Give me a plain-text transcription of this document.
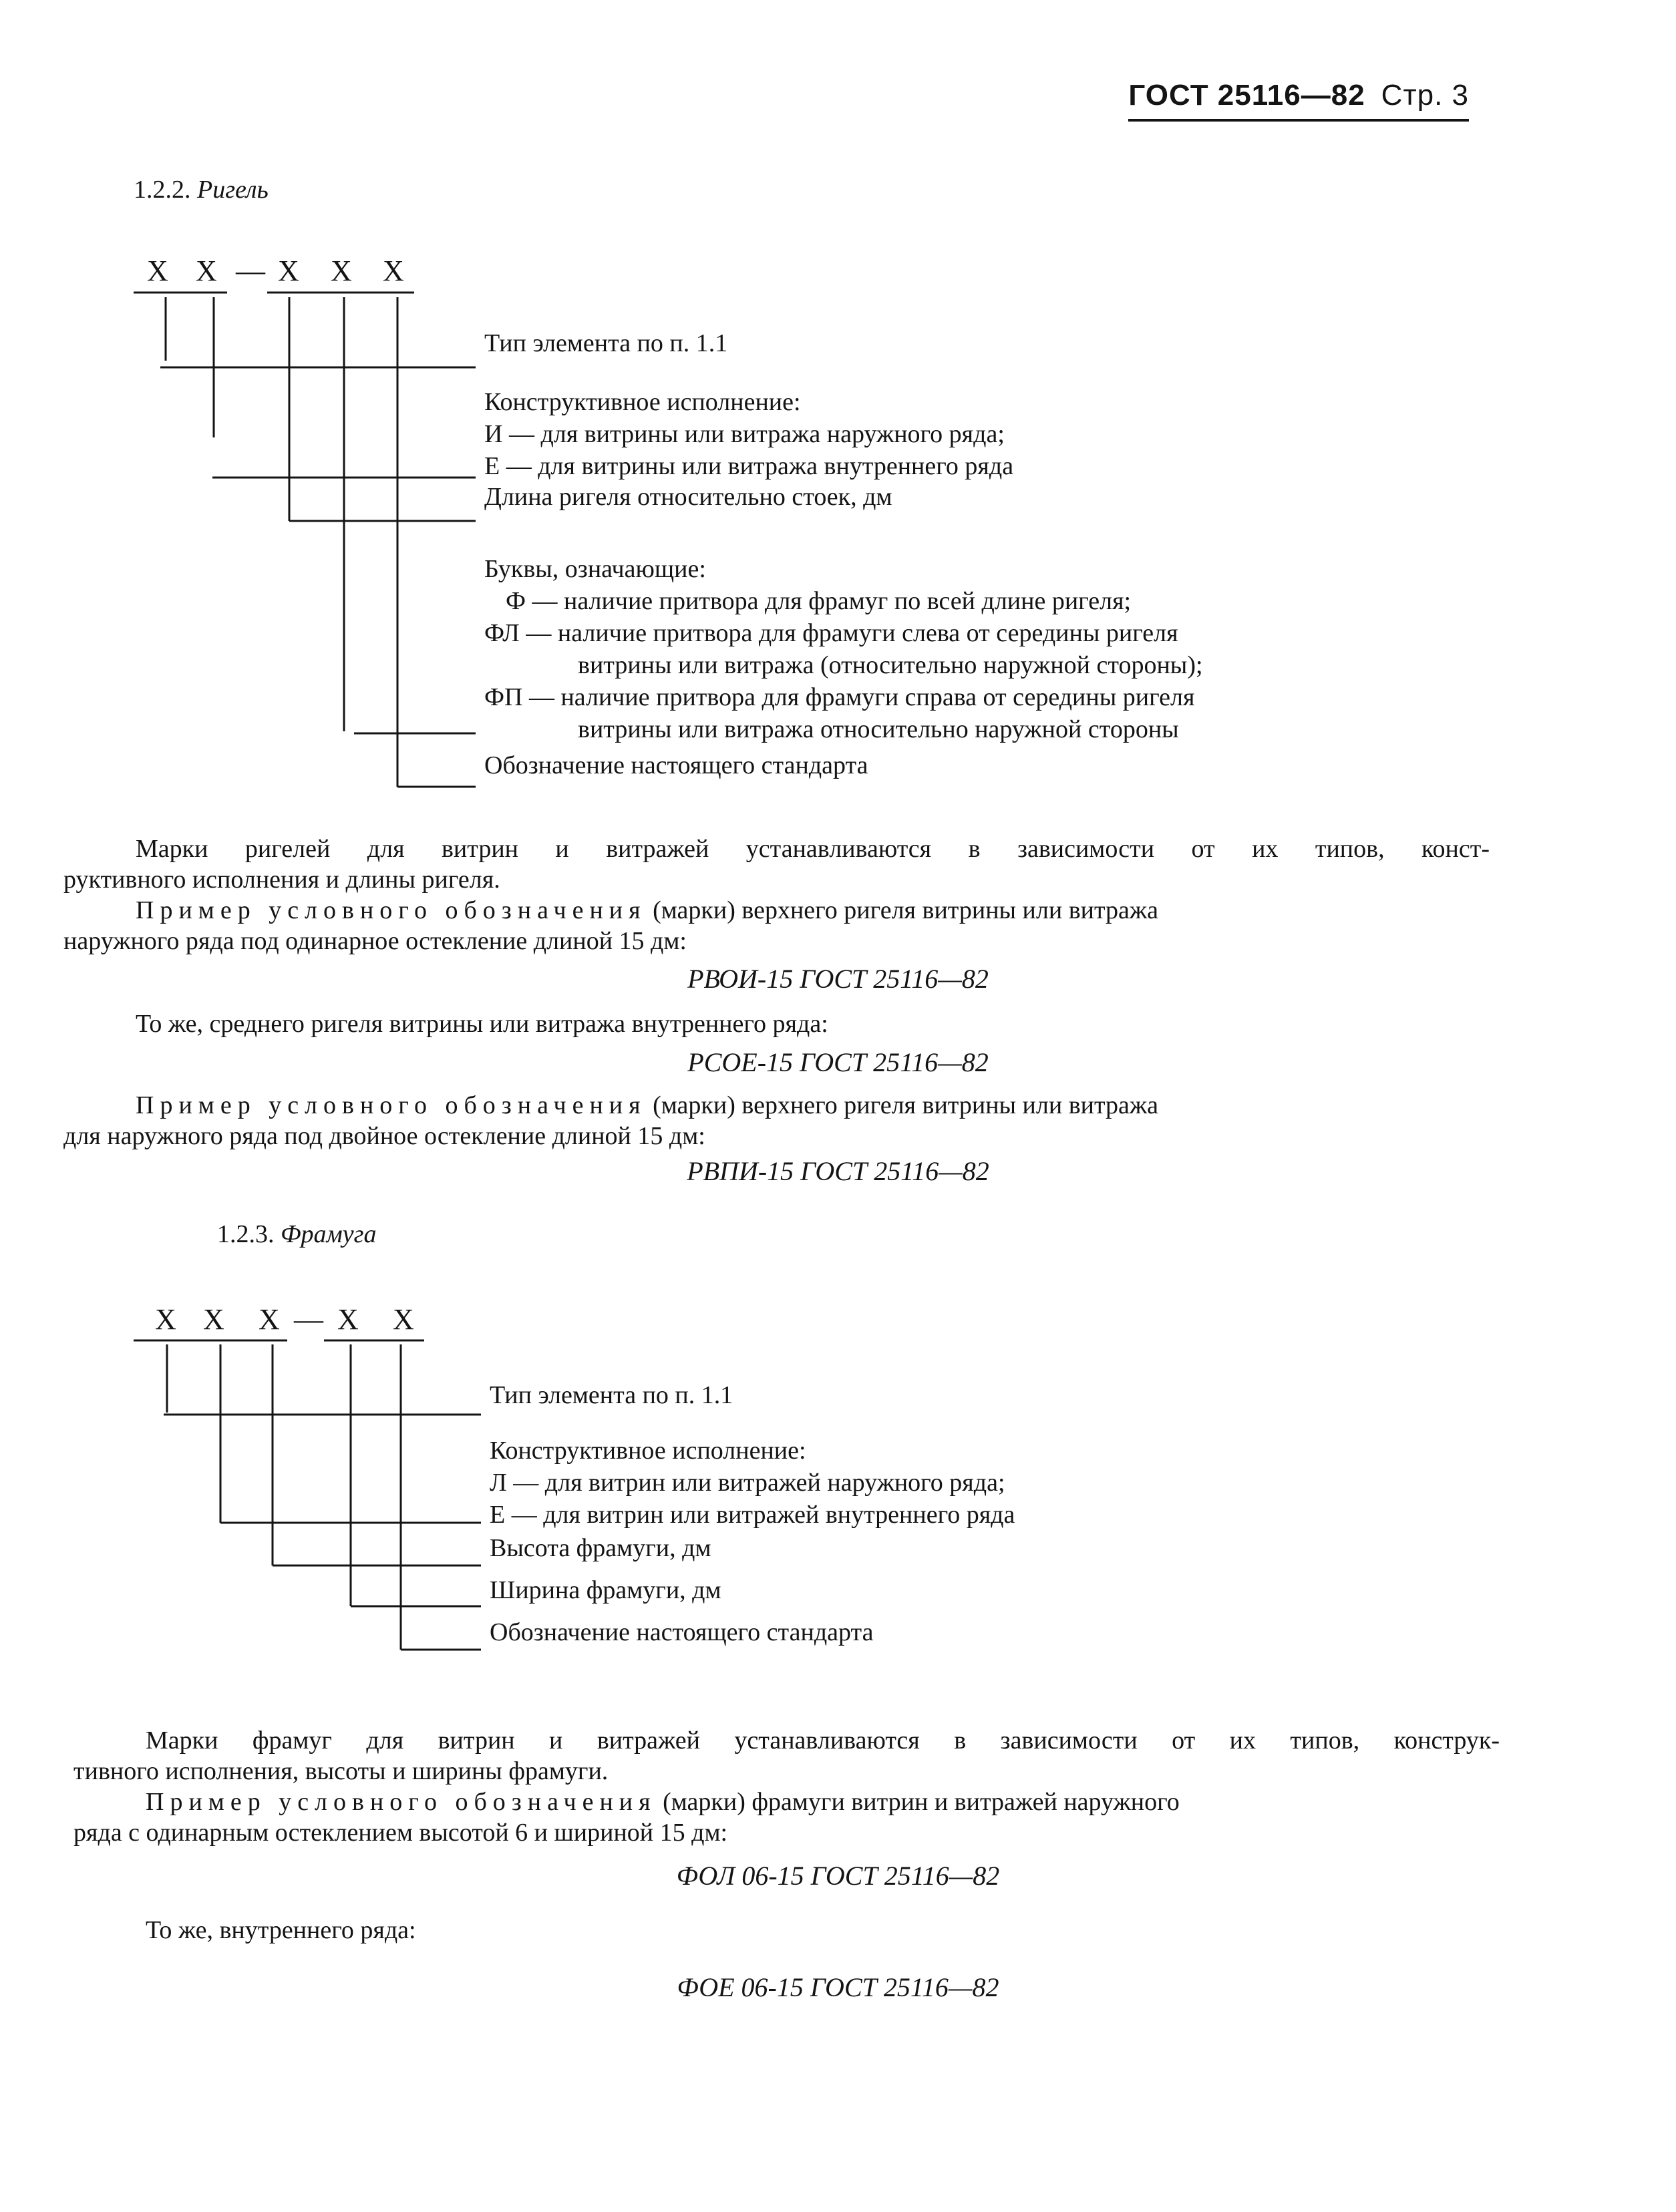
ГОСТ 25116—82 Стр. 3
1.2.2. Ригель
Х Х — Х Х Х
Тип элемента по п. 1.1
Конструктивное исполнение:
И — для витрины или витража наружного ряда;
Е — для витрины или витража внутреннего ряда
Длина ригеля относительно стоек, дм
Буквы, означающие:
Ф — наличие притвора для фрамуг по всей длине ригеля;
ФЛ — наличие притвора для фрамуги слева от середины ригеля
витрины или витража (относительно наружной стороны);
ФП — наличие притвора для фрамуги справа от середины ригеля
витрины или витража относительно наружной стороны
Обозначение настоящего стандарта
Марки ригелей для витрин и витражей устанавливаются в зависимости от их типов, конст-
руктивного исполнения и длины ригеля.
Пример условного обозначения (марки) верхнего ригеля витрины или витража
наружного ряда под одинарное остекление длиной 15 дм:
РВОИ-15 ГОСТ 25116—82
То же, среднего ригеля витрины или витража внутреннего ряда:
РСОЕ-15 ГОСТ 25116—82
Пример условного обозначения (марки) верхнего ригеля витрины или витража
для наружного ряда под двойное остекление длиной 15 дм:
РВПИ-15 ГОСТ 25116—82
1.2.3. Фрамуга
Х Х Х — Х Х
Тип элемента по п. 1.1
Конструктивное исполнение:
Л — для витрин или витражей наружного ряда;
Е — для витрин или витражей внутреннего ряда
Высота фрамуги, дм
Ширина фрамуги, дм
Обозначение настоящего стандарта
Марки фрамуг для витрин и витражей устанавливаются в зависимости от их типов, конструк-
тивного исполнения, высоты и ширины фрамуги.
Пример условного обозначения (марки) фрамуги витрин и витражей наружного
ряда с одинарным остеклением высотой 6 и шириной 15 дм:
ФОЛ 06-15 ГОСТ 25116—82
То же, внутреннего ряда:
ФОЕ 06-15 ГОСТ 25116—82
